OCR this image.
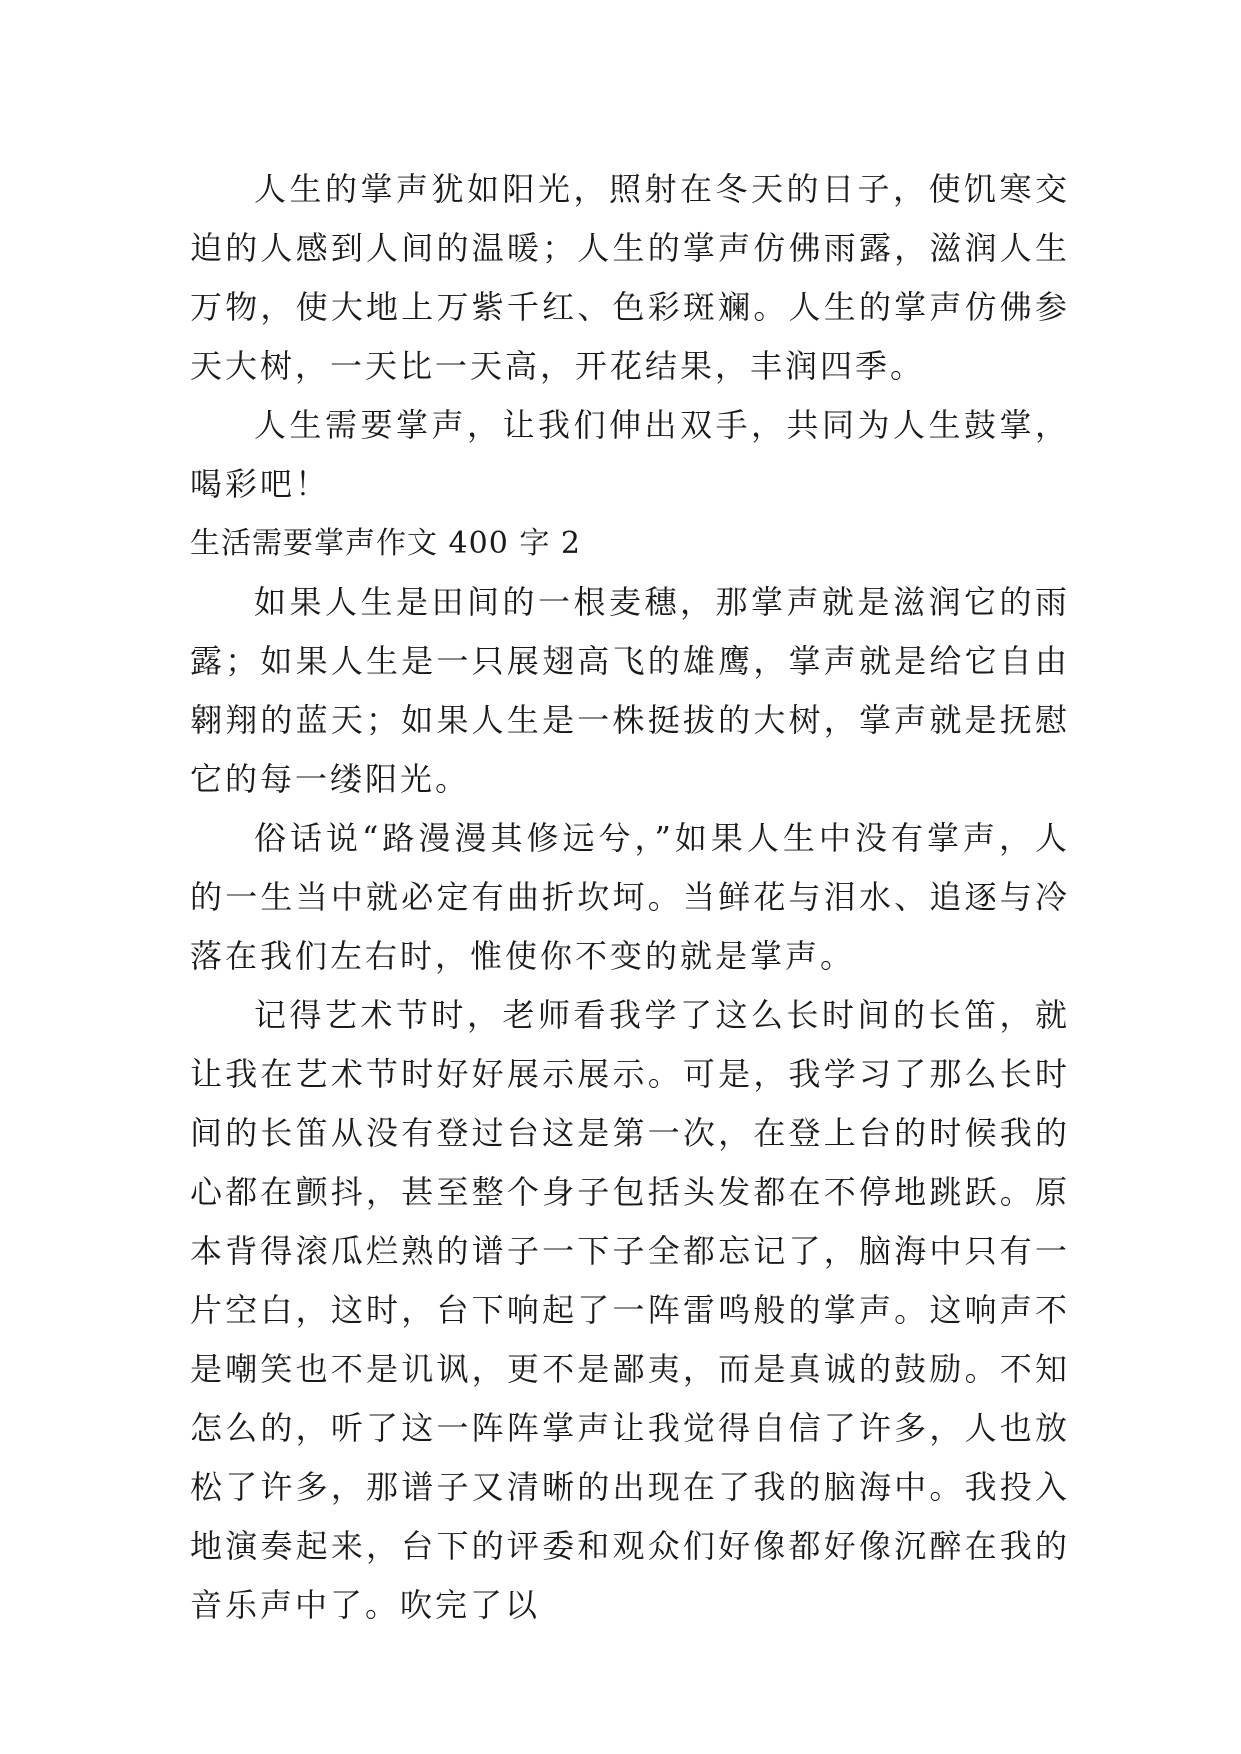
人生的掌声犹如阳光，照射在冬天的日子，使饥寒交迫的人感到人间的温暖；人生的掌声仿佛雨露，滋润人生万物，使大地上万紫千红、色彩斑斓。人生的掌声仿佛参天大树，一天比一天高，开花结果，丰润四季。

人生需要掌声，让我们伸出双手，共同为人生鼓掌，喝彩吧！

生活需要掌声作文 400 字 2

如果人生是田间的一根麦穗，那掌声就是滋润它的雨露；如果人生是一只展翅高飞的雄鹰，掌声就是给它自由翱翔的蓝天；如果人生是一株挺拔的大树，掌声就是抚慰它的每一缕阳光。

俗话说“路漫漫其修远兮，”如果人生中没有掌声，人的一生当中就必定有曲折坎坷。当鲜花与泪水、追逐与冷落在我们左右时，惟使你不变的就是掌声。

记得艺术节时，老师看我学了这么长时间的长笛，就让我在艺术节时好好展示展示。可是，我学习了那么长时间的长笛从没有登过台这是第一次，在登上台的时候我的心都在颤抖，甚至整个身子包括头发都在不停地跳跃。原本背得滚瓜烂熟的谱子一下子全都忘记了，脑海中只有一片空白，这时，台下响起了一阵雷鸣般的掌声。这响声不是嘲笑也不是讥讽，更不是鄙夷，而是真诚的鼓励。不知怎么的，听了这一阵阵掌声让我觉得自信了许多，人也放松了许多，那谱子又清晰的出现在了我的脑海中。我投入地演奏起来，台下的评委和观众们好像都好像沉醉在我的音乐声中了。吹完了以
